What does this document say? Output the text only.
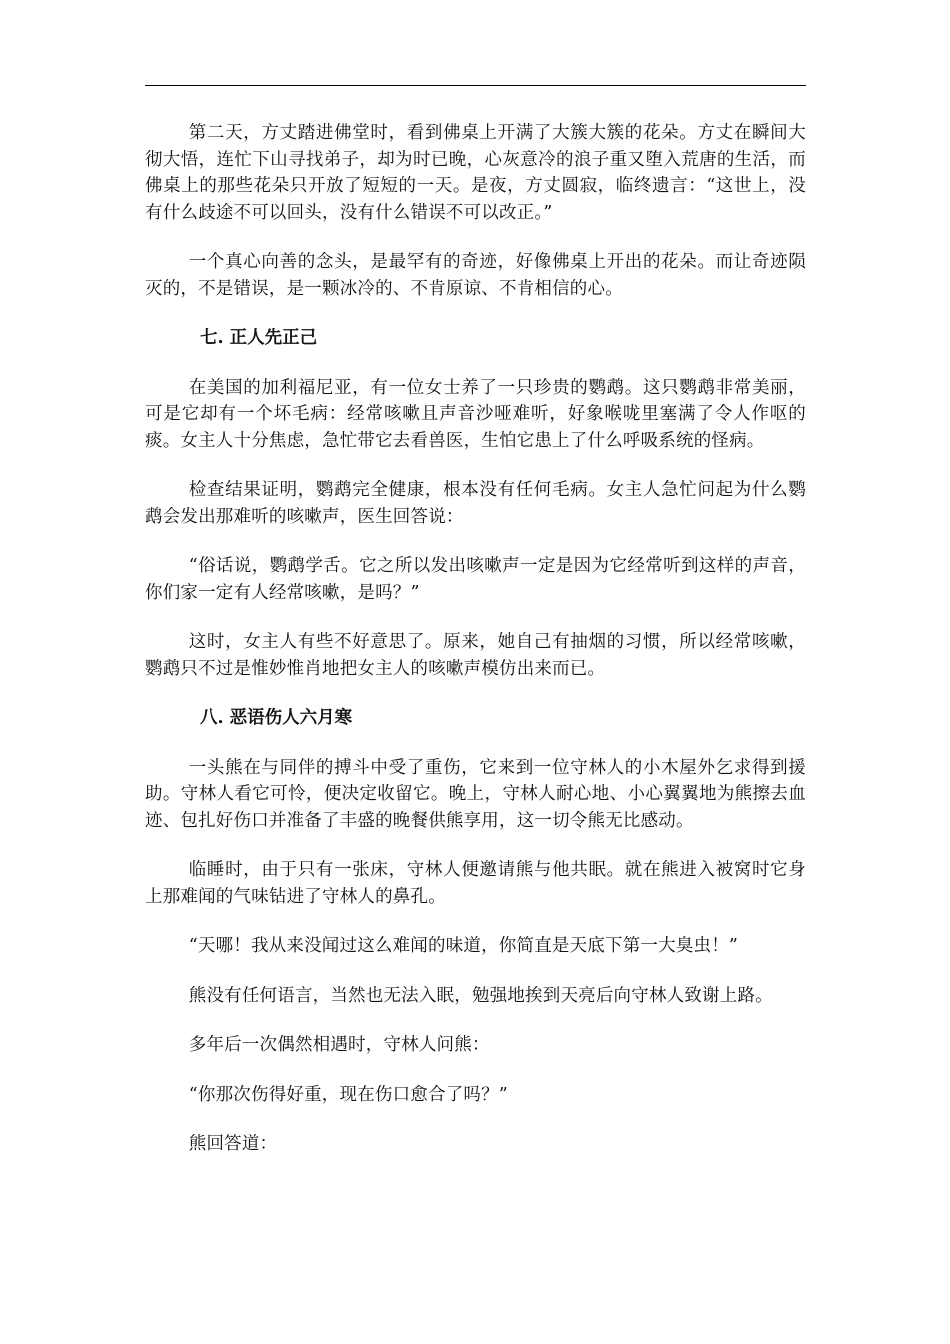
第二天，方丈踏进佛堂时，看到佛桌上开满了大簇大簇的花朵。方丈在瞬间大彻大悟，连忙下山寻找弟子，却为时已晚，心灰意冷的浪子重又堕入荒唐的生活，而佛桌上的那些花朵只开放了短短的一天。是夜，方丈圆寂，临终遗言：“这世上，没有什么歧途不可以回头，没有什么错误不可以改正。”

一个真心向善的念头，是最罕有的奇迹，好像佛桌上开出的花朵。而让奇迹陨灭的，不是错误，是一颗冰冷的、不肯原谅、不肯相信的心。

七. 正人先正己

在美国的加利福尼亚，有一位女士养了一只珍贵的鹦鹉。这只鹦鹉非常美丽，可是它却有一个坏毛病：经常咳嗽且声音沙哑难听，好象喉咙里塞满了令人作呕的痰。女主人十分焦虑，急忙带它去看兽医，生怕它患上了什么呼吸系统的怪病。

检查结果证明，鹦鹉完全健康，根本没有任何毛病。女主人急忙问起为什么鹦鹉会发出那难听的咳嗽声，医生回答说：

“俗话说，鹦鹉学舌。它之所以发出咳嗽声一定是因为它经常听到这样的声音，你们家一定有人经常咳嗽，是吗？”

这时，女主人有些不好意思了。原来，她自己有抽烟的习惯，所以经常咳嗽，鹦鹉只不过是惟妙惟肖地把女主人的咳嗽声模仿出来而已。

八. 恶语伤人六月寒

一头熊在与同伴的搏斗中受了重伤，它来到一位守林人的小木屋外乞求得到援助。守林人看它可怜，便决定收留它。晚上，守林人耐心地、小心翼翼地为熊擦去血迹、包扎好伤口并准备了丰盛的晚餐供熊享用，这一切令熊无比感动。

临睡时，由于只有一张床，守林人便邀请熊与他共眠。就在熊进入被窝时它身上那难闻的气味钻进了守林人的鼻孔。

“天哪！我从来没闻过这么难闻的味道，你简直是天底下第一大臭虫！”

熊没有任何语言，当然也无法入眠，勉强地挨到天亮后向守林人致谢上路。

多年后一次偶然相遇时，守林人问熊：

“你那次伤得好重，现在伤口愈合了吗？”

熊回答道：
